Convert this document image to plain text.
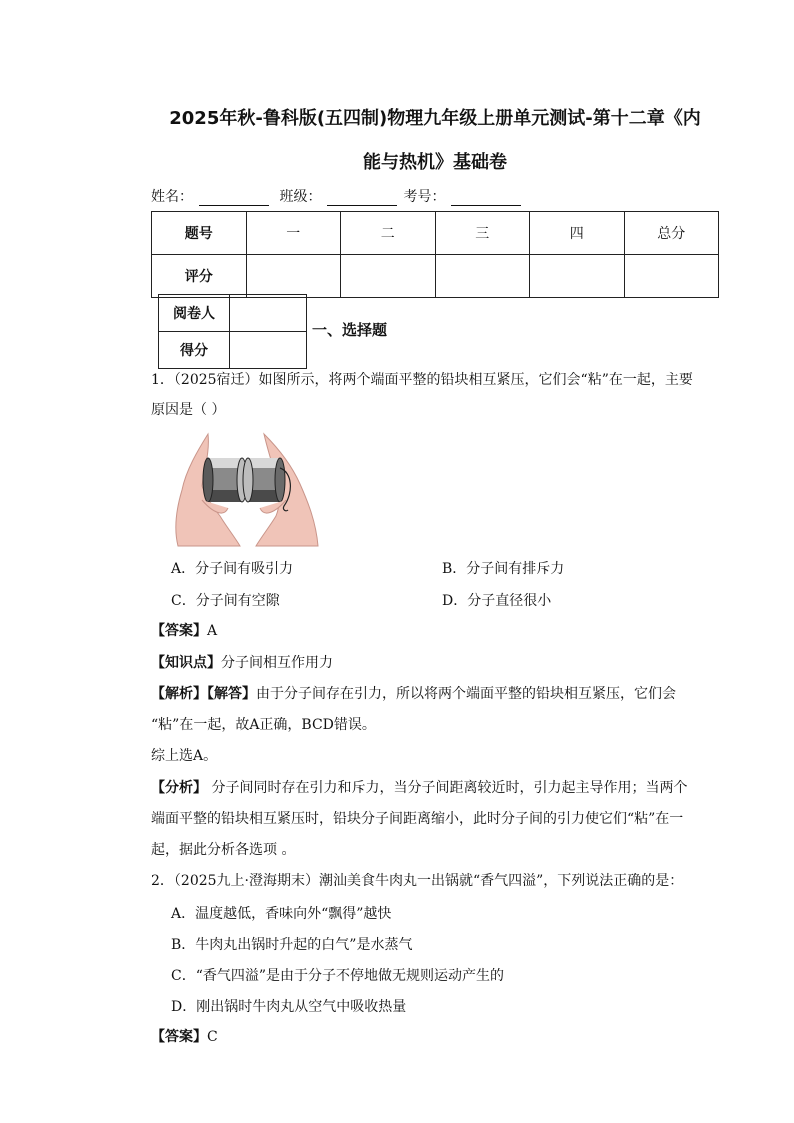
2025年秋-鲁科版(五四制)物理九年级上册单元测试-第十二章《内
能与热机》基础卷
姓名：	班级：	考号：
题号	一	二	三	四	总分
评分					
阅卷人	
得分	
一、选择题
1．（2025宿迁）如图所示，将两个端面平整的铅块相互紧压，它们会“粘”在一起，主要
原因是（ ）
A．分子间有吸引力	B．分子间有排斥力
C．分子间有空隙	D．分子直径很小
【答案】A
【知识点】分子间相互作用力
【解析】【解答】由于分子间存在引力，所以将两个端面平整的铅块相互紧压，它们会
“粘”在一起，故A正确，BCD错误。
综上选A。
【分析】 分子间同时存在引力和斥力，当分子间距离较近时，引力起主导作用；当两个
端面平整的铅块相互紧压时，铅块分子间距离缩小，此时分子间的引力使它们“粘”在一
起，据此分析各选项 。
2．（2025九上·澄海期末）潮汕美食牛肉丸一出锅就“香气四溢”，下列说法正确的是：
A．温度越低，香味向外“飘得”越快
B．牛肉丸出锅时升起的白气”是水蒸气
C．“香气四溢”是由于分子不停地做无规则运动产生的
D．刚出锅时牛肉丸从空气中吸收热量
【答案】C
